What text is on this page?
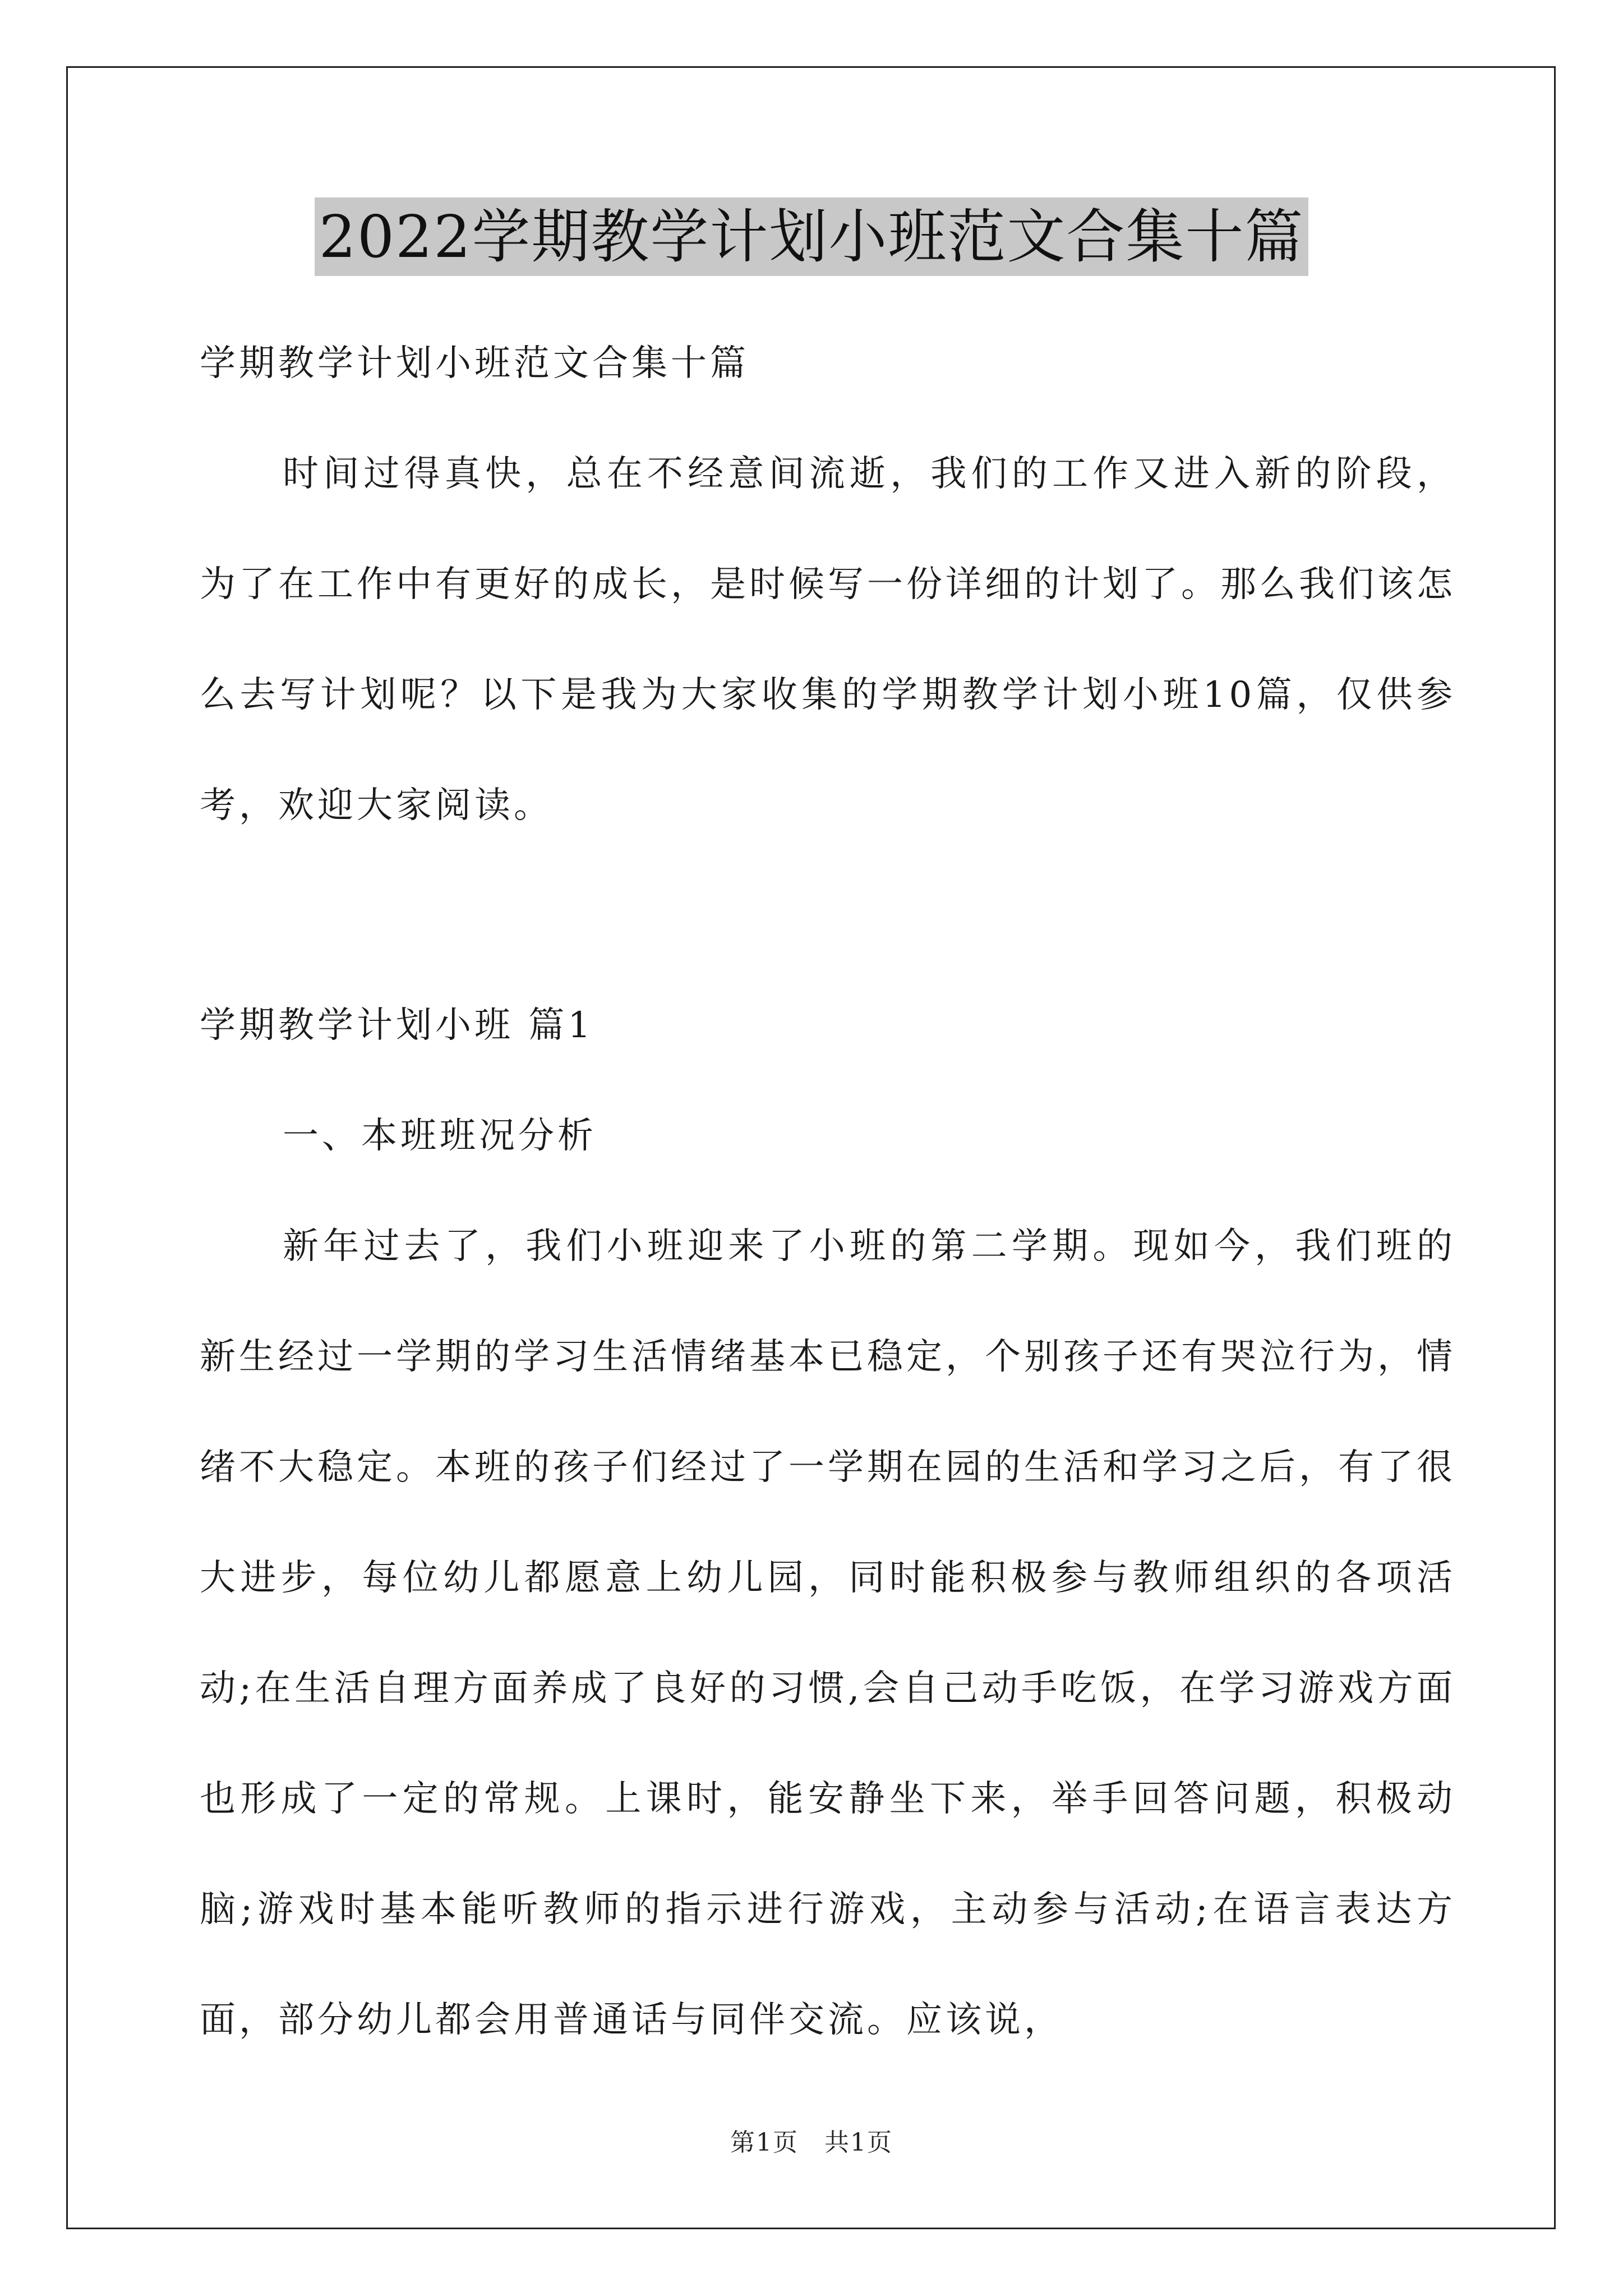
2022学期教学计划小班范文合集十篇

学期教学计划小班范文合集十篇

时间过得真快，总在不经意间流逝，我们的工作又进入新的阶段，为了在工作中有更好的成长，是时候写一份详细的计划了。那么我们该怎么去写计划呢？以下是我为大家收集的学期教学计划小班10篇，仅供参考，欢迎大家阅读。

学期教学计划小班 篇1

一、本班班况分析

新年过去了，我们小班迎来了小班的第二学期。现如今，我们班的新生经过一学期的学习生活情绪基本已稳定，个别孩子还有哭泣行为，情绪不大稳定。本班的孩子们经过了一学期在园的生活和学习之后，有了很大进步，每位幼儿都愿意上幼儿园，同时能积极参与教师组织的各项活动;在生活自理方面养成了良好的习惯,会自己动手吃饭，在学习游戏方面也形成了一定的常规。上课时，能安静坐下来，举手回答问题，积极动脑;游戏时基本能听教师的指示进行游戏，主动参与活动;在语言表达方面，部分幼儿都会用普通话与同伴交流。应该说，

第1页　共1页
